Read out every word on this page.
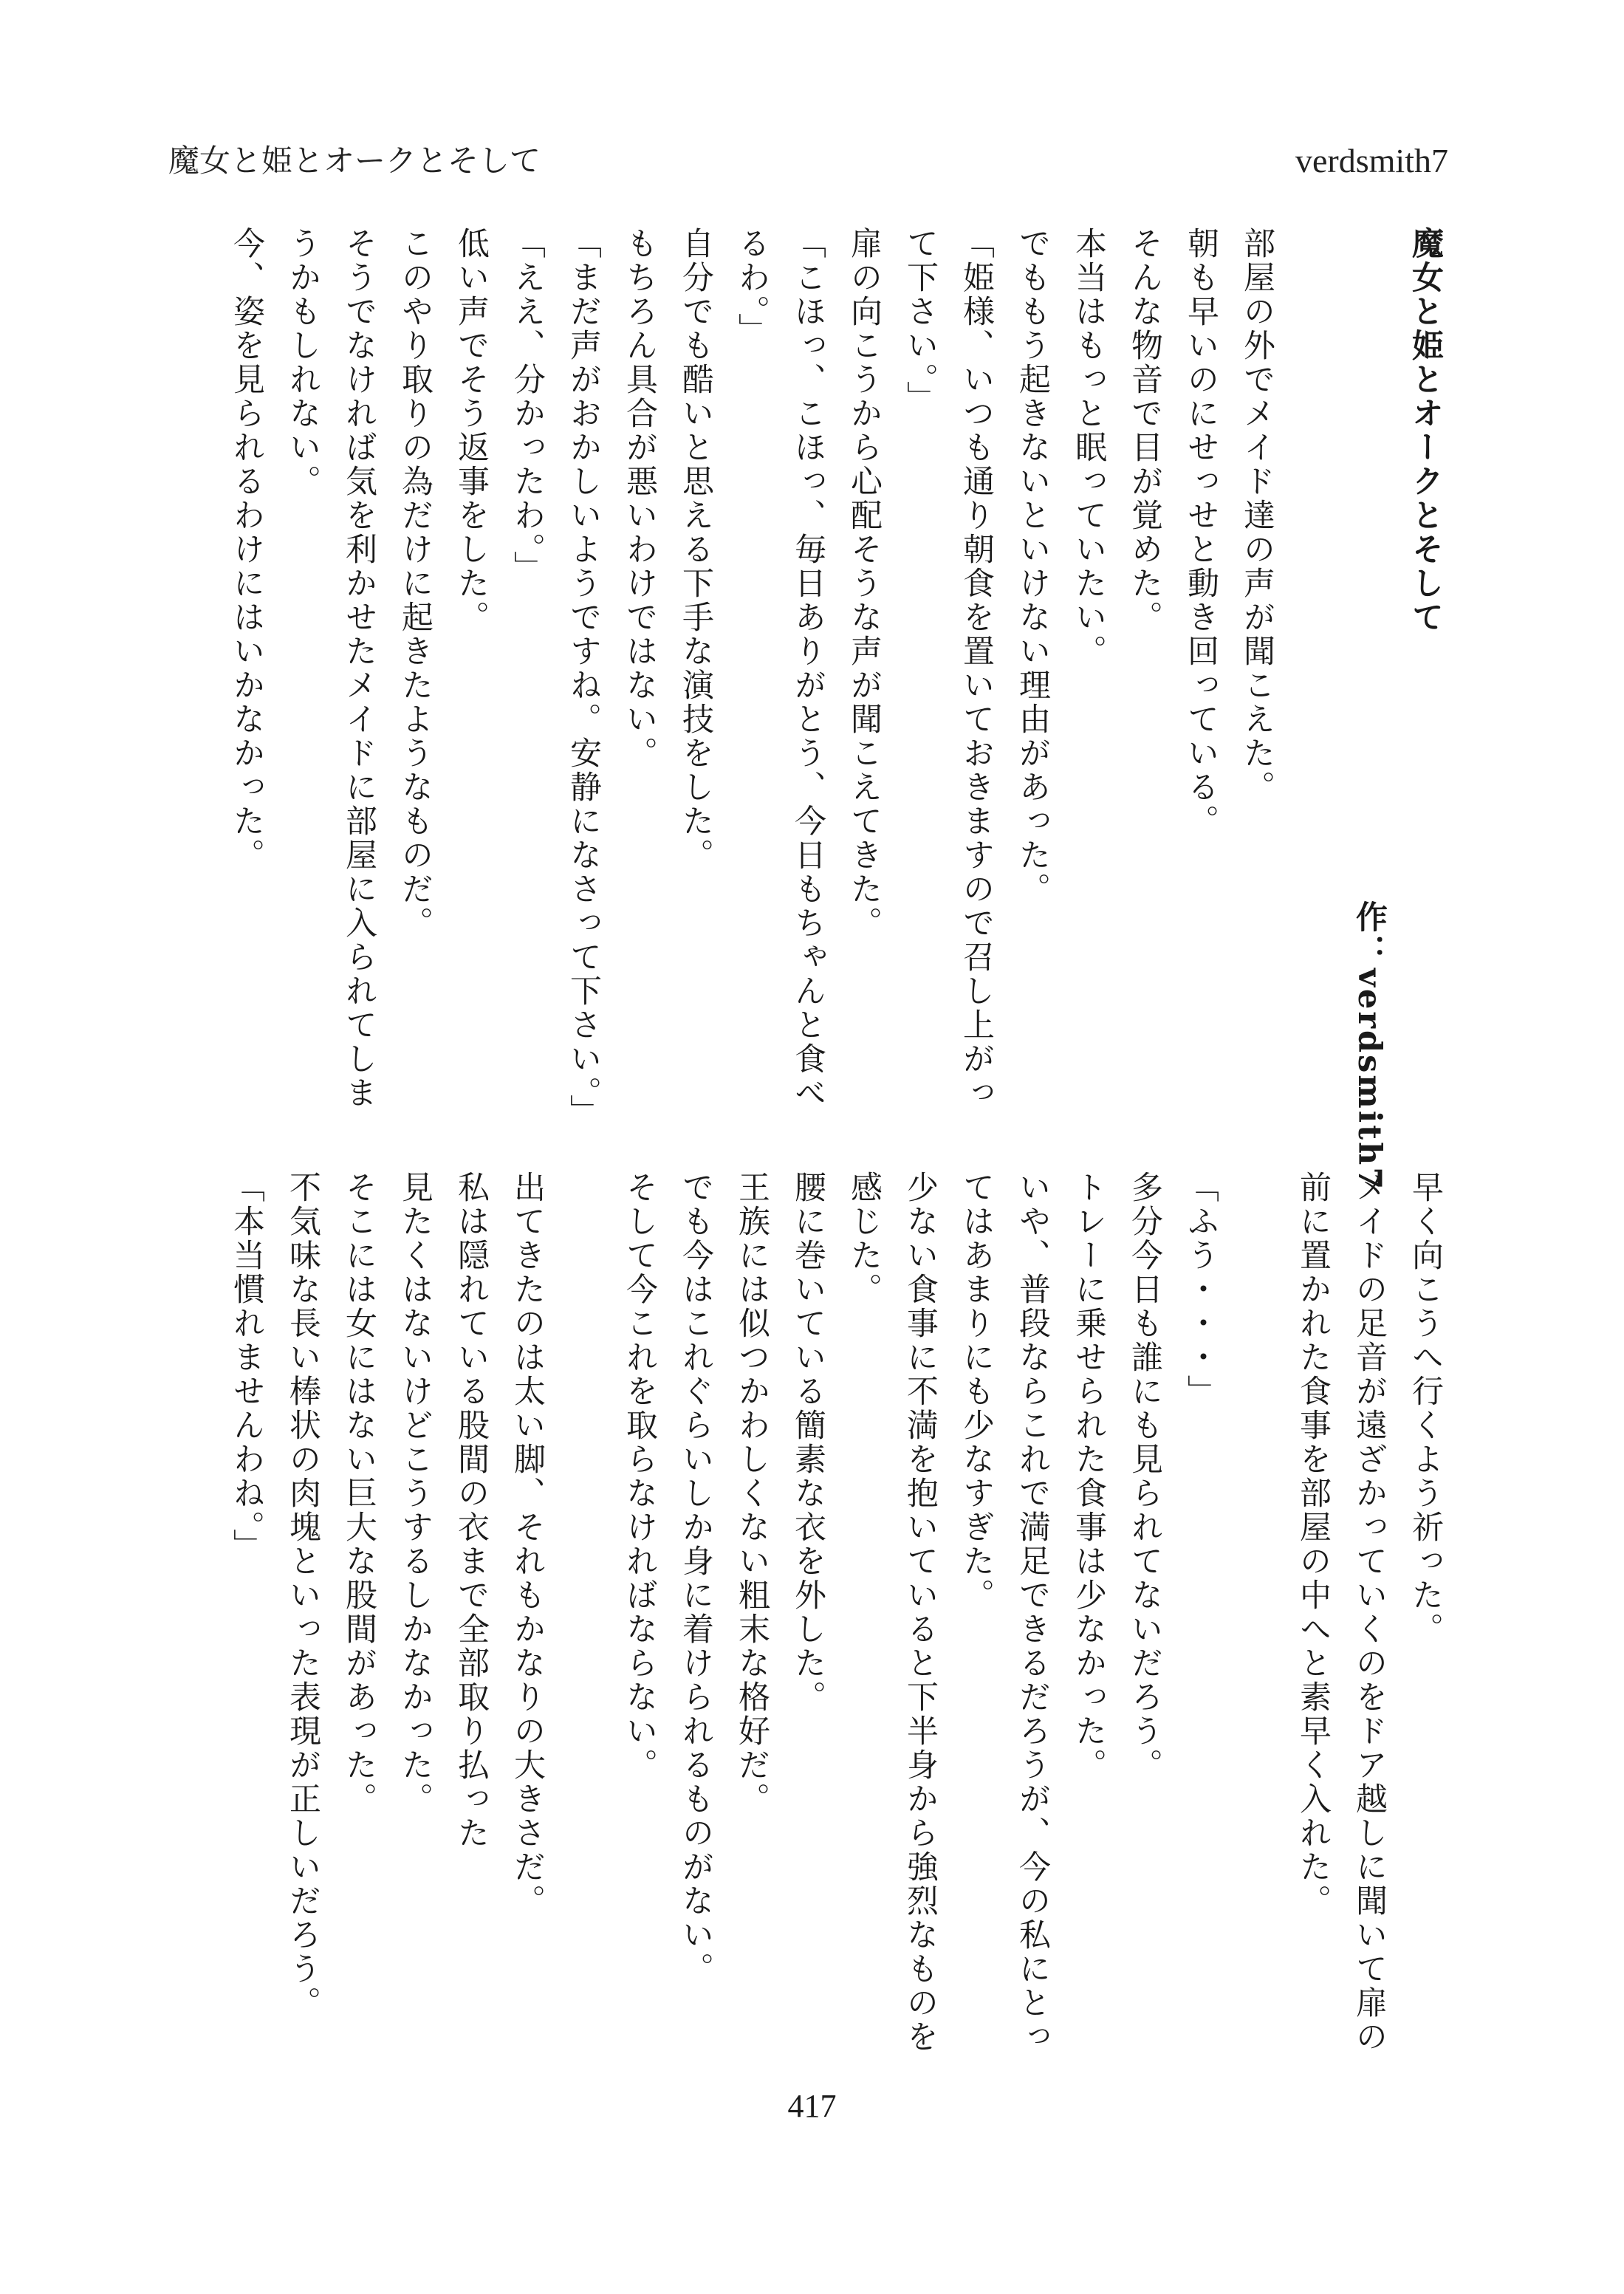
魔女と姫とオークとそして	verdsmith7
魔女と姫とオークとそして
作：verdsmith7
部屋の外でメイド達の声が聞こえた。
朝も早いのにせっせと動き回っている。
そんな物音で目が覚めた。
本当はもっと眠っていたい。
でももう起きないといけない理由があった。
「姫様、いつも通り朝食を置いておきますので召し上がっ
て下さい。」
扉の向こうから心配そうな声が聞こえてきた。
「こほっ、こほっ、毎日ありがとう、今日もちゃんと食べ
るわ。」
自分でも酷いと思える下手な演技をした。
もちろん具合が悪いわけではない。
「まだ声がおかしいようですね。安静になさって下さい。」
「ええ、分かったわ。」
低い声でそう返事をした。
このやり取りの為だけに起きたようなものだ。
そうでなければ気を利かせたメイドに部屋に入られてしま
うかもしれない。
今、姿を見られるわけにはいかなかった。
早く向こうへ行くよう祈った。
メイドの足音が遠ざかっていくのをドア越しに聞いて扉の
前に置かれた食事を部屋の中へと素早く入れた。
「ふう・・・」
多分今日も誰にも見られてないだろう。
トレーに乗せられた食事は少なかった。
いや、普段ならこれで満足できるだろうが、今の私にとっ
てはあまりにも少なすぎた。
少ない食事に不満を抱いていると下半身から強烈なものを
感じた。
腰に巻いている簡素な衣を外した。
王族には似つかわしくない粗末な格好だ。
でも今はこれぐらいしか身に着けられるものがない。
そして今これを取らなければならない。
出てきたのは太い脚、それもかなりの大きさだ。
私は隠れている股間の衣まで全部取り払った
見たくはないけどこうするしかなかった。
そこには女にはない巨大な股間があった。
不気味な長い棒状の肉塊といった表現が正しいだろう。
「本当慣れませんわね。」
417
